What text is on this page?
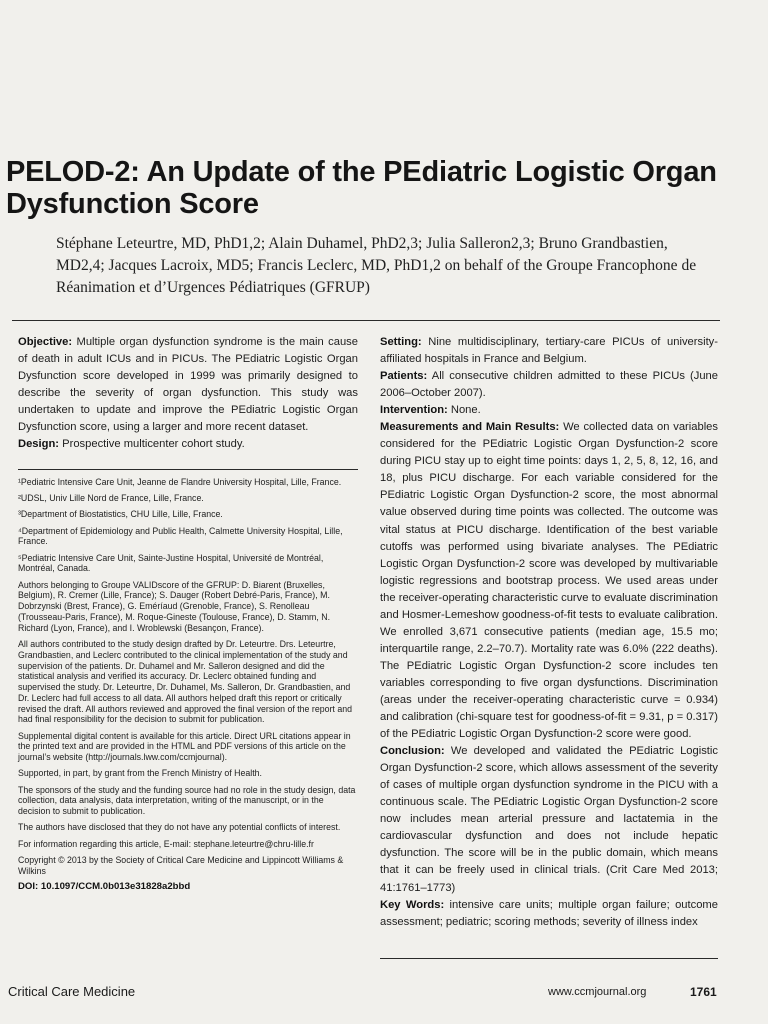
PELOD-2: An Update of the PEdiatric Logistic Organ Dysfunction Score
Stéphane Leteurtre, MD, PhD1,2; Alain Duhamel, PhD2,3; Julia Salleron2,3; Bruno Grandbastien, MD2,4; Jacques Lacroix, MD5; Francis Leclerc, MD, PhD1,2 on behalf of the Groupe Francophone de Réanimation et d’Urgences Pédiatriques (GFRUP)

Objective: Multiple organ dysfunction syndrome is the main cause of death in adult ICUs and in PICUs. The PEdiatric Logistic Organ Dysfunction score developed in 1999 was primarily designed to describe the severity of organ dysfunction. This study was undertaken to update and improve the PEdiatric Logistic Organ Dysfunction score, using a larger and more recent dataset.

Design: Prospective multicenter cohort study.

¹Pediatric Intensive Care Unit, Jeanne de Flandre University Hospital, Lille, France.

²UDSL, Univ Lille Nord de France, Lille, France.

³Department of Biostatistics, CHU Lille, Lille, France.

⁴Department of Epidemiology and Public Health, Calmette University Hospital, Lille, France.

⁵Pediatric Intensive Care Unit, Sainte-Justine Hospital, Université de Montréal, Montréal, Canada.

Authors belonging to Groupe VALIDscore of the GFRUP: D. Biarent (Bruxelles, Belgium), R. Cremer (Lille, France); S. Dauger (Robert Debré-Paris, France), M. Dobrzynski (Brest, France), G. Eméríaud (Grenoble, France), S. Renolleau (Trousseau-Paris, France), M. Roque-Gineste (Toulouse, France), D. Stamm, N. Richard (Lyon, France), and I. Wroblewski (Besançon, France).

All authors contributed to the study design drafted by Dr. Leteurtre. Drs. Leteurtre, Grandbastien, and Leclerc contributed to the clinical implementation of the study and supervision of the patients. Dr. Duhamel and Mr. Salleron designed and did the statistical analysis and verified its accuracy. Dr. Leclerc obtained funding and supervised the study. Dr. Leteurtre, Dr. Duhamel, Ms. Salleron, Dr. Grandbastien, and Dr. Leclerc had full access to all data. All authors helped draft this report or critically revised the draft. All authors reviewed and approved the final version of the report and had final responsibility for the decision to submit for publication.

Supplemental digital content is available for this article. Direct URL citations appear in the printed text and are provided in the HTML and PDF versions of this article on the journal’s website (http://journals.lww.com/ccmjournal).

Supported, in part, by grant from the French Ministry of Health.

The sponsors of the study and the funding source had no role in the study design, data collection, data analysis, data interpretation, writing of the manuscript, or in the decision to submit to publication.

The authors have disclosed that they do not have any potential conflicts of interest.

For information regarding this article, E-mail: stephane.leteurtre@chru-lille.fr

Copyright © 2013 by the Society of Critical Care Medicine and Lippincott Williams & Wilkins

DOI: 10.1097/CCM.0b013e31828a2bbd

Setting: Nine multidisciplinary, tertiary-care PICUs of university-affiliated hospitals in France and Belgium.

Patients: All consecutive children admitted to these PICUs (June 2006–October 2007).

Intervention: None.

Measurements and Main Results: We collected data on variables considered for the PEdiatric Logistic Organ Dysfunction-2 score during PICU stay up to eight time points: days 1, 2, 5, 8, 12, 16, and 18, plus PICU discharge. For each variable considered for the PEdiatric Logistic Organ Dysfunction-2 score, the most abnormal value observed during time points was collected. The outcome was vital status at PICU discharge. Identification of the best variable cutoffs was performed using bivariate analyses. The PEdiatric Logistic Organ Dysfunction-2 score was developed by multivariable logistic regressions and bootstrap process. We used areas under the receiver-operating characteristic curve to evaluate discrimination and Hosmer-Lemeshow goodness-of-fit tests to evaluate calibration. We enrolled 3,671 consecutive patients (median age, 15.5 mo; interquartile range, 2.2–70.7). Mortality rate was 6.0% (222 deaths). The PEdiatric Logistic Organ Dysfunction-2 score includes ten variables corresponding to five organ dysfunctions. Discrimination (areas under the receiver-operating characteristic curve = 0.934) and calibration (chi-square test for goodness-of-fit = 9.31, p = 0.317) of the PEdiatric Logistic Organ Dysfunction-2 score were good.

Conclusion: We developed and validated the PEdiatric Logistic Organ Dysfunction-2 score, which allows assessment of the severity of cases of multiple organ dysfunction syndrome in the PICU with a continuous scale. The PEdiatric Logistic Organ Dysfunction-2 score now includes mean arterial pressure and lactatemia in the cardiovascular dysfunction and does not include hepatic dysfunction. The score will be in the public domain, which means that it can be freely used in clinical trials. (Crit Care Med 2013; 41:1761–1773)

Key Words: intensive care units; multiple organ failure; outcome assessment; pediatric; scoring methods; severity of illness index

Critical Care Medicine	www.ccmjournal.org	1761
